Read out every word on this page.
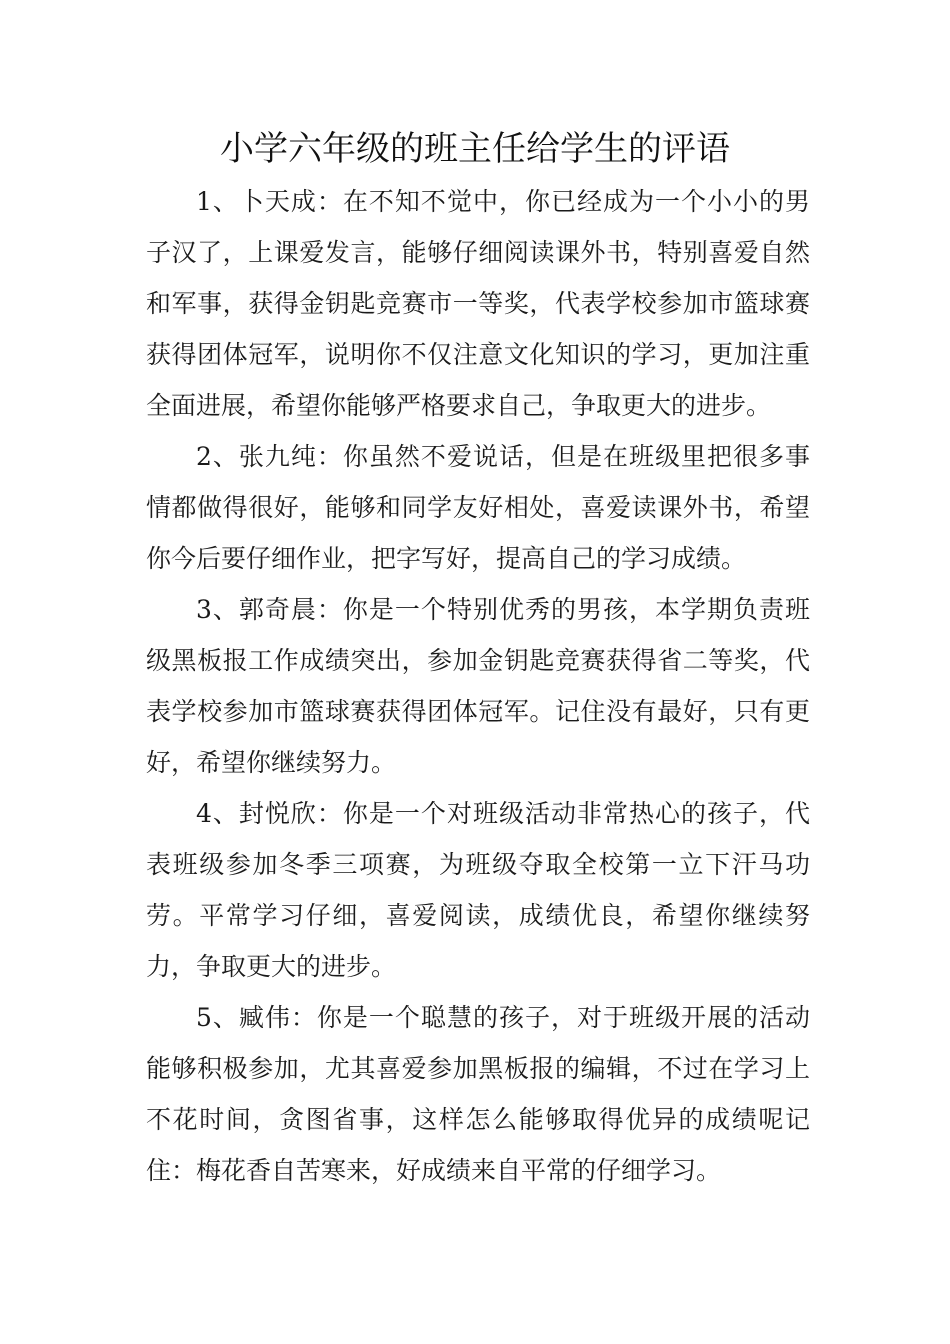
小学六年级的班主任给学生的评语

1、卜天成：在不知不觉中，你已经成为一个小小的男子汉了，上课爱发言，能够仔细阅读课外书，特别喜爱自然和军事，获得金钥匙竞赛市一等奖，代表学校参加市篮球赛获得团体冠军，说明你不仅注意文化知识的学习，更加注重全面进展，希望你能够严格要求自己，争取更大的进步。

2、张九纯：你虽然不爱说话，但是在班级里把很多事情都做得很好，能够和同学友好相处，喜爱读课外书，希望你今后要仔细作业，把字写好，提高自己的学习成绩。

3、郭奇晨：你是一个特别优秀的男孩，本学期负责班级黑板报工作成绩突出，参加金钥匙竞赛获得省二等奖，代表学校参加市篮球赛获得团体冠军。记住没有最好，只有更好，希望你继续努力。

4、封悦欣：你是一个对班级活动非常热心的孩子，代表班级参加冬季三项赛，为班级夺取全校第一立下汗马功劳。平常学习仔细，喜爱阅读，成绩优良，希望你继续努力，争取更大的进步。

5、臧伟：你是一个聪慧的孩子，对于班级开展的活动能够积极参加，尤其喜爱参加黑板报的编辑，不过在学习上不花时间，贪图省事，这样怎么能够取得优异的成绩呢记住：梅花香自苦寒来，好成绩来自平常的仔细学习。
